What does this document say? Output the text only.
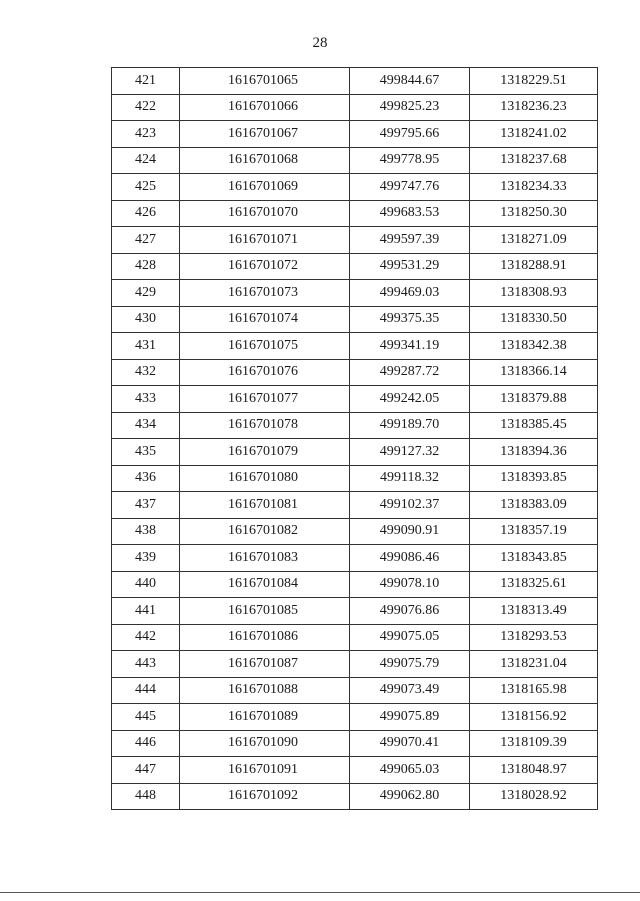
28
421	1616701065	499844.67	1318229.51
422	1616701066	499825.23	1318236.23
423	1616701067	499795.66	1318241.02
424	1616701068	499778.95	1318237.68
425	1616701069	499747.76	1318234.33
426	1616701070	499683.53	1318250.30
427	1616701071	499597.39	1318271.09
428	1616701072	499531.29	1318288.91
429	1616701073	499469.03	1318308.93
430	1616701074	499375.35	1318330.50
431	1616701075	499341.19	1318342.38
432	1616701076	499287.72	1318366.14
433	1616701077	499242.05	1318379.88
434	1616701078	499189.70	1318385.45
435	1616701079	499127.32	1318394.36
436	1616701080	499118.32	1318393.85
437	1616701081	499102.37	1318383.09
438	1616701082	499090.91	1318357.19
439	1616701083	499086.46	1318343.85
440	1616701084	499078.10	1318325.61
441	1616701085	499076.86	1318313.49
442	1616701086	499075.05	1318293.53
443	1616701087	499075.79	1318231.04
444	1616701088	499073.49	1318165.98
445	1616701089	499075.89	1318156.92
446	1616701090	499070.41	1318109.39
447	1616701091	499065.03	1318048.97
448	1616701092	499062.80	1318028.92
